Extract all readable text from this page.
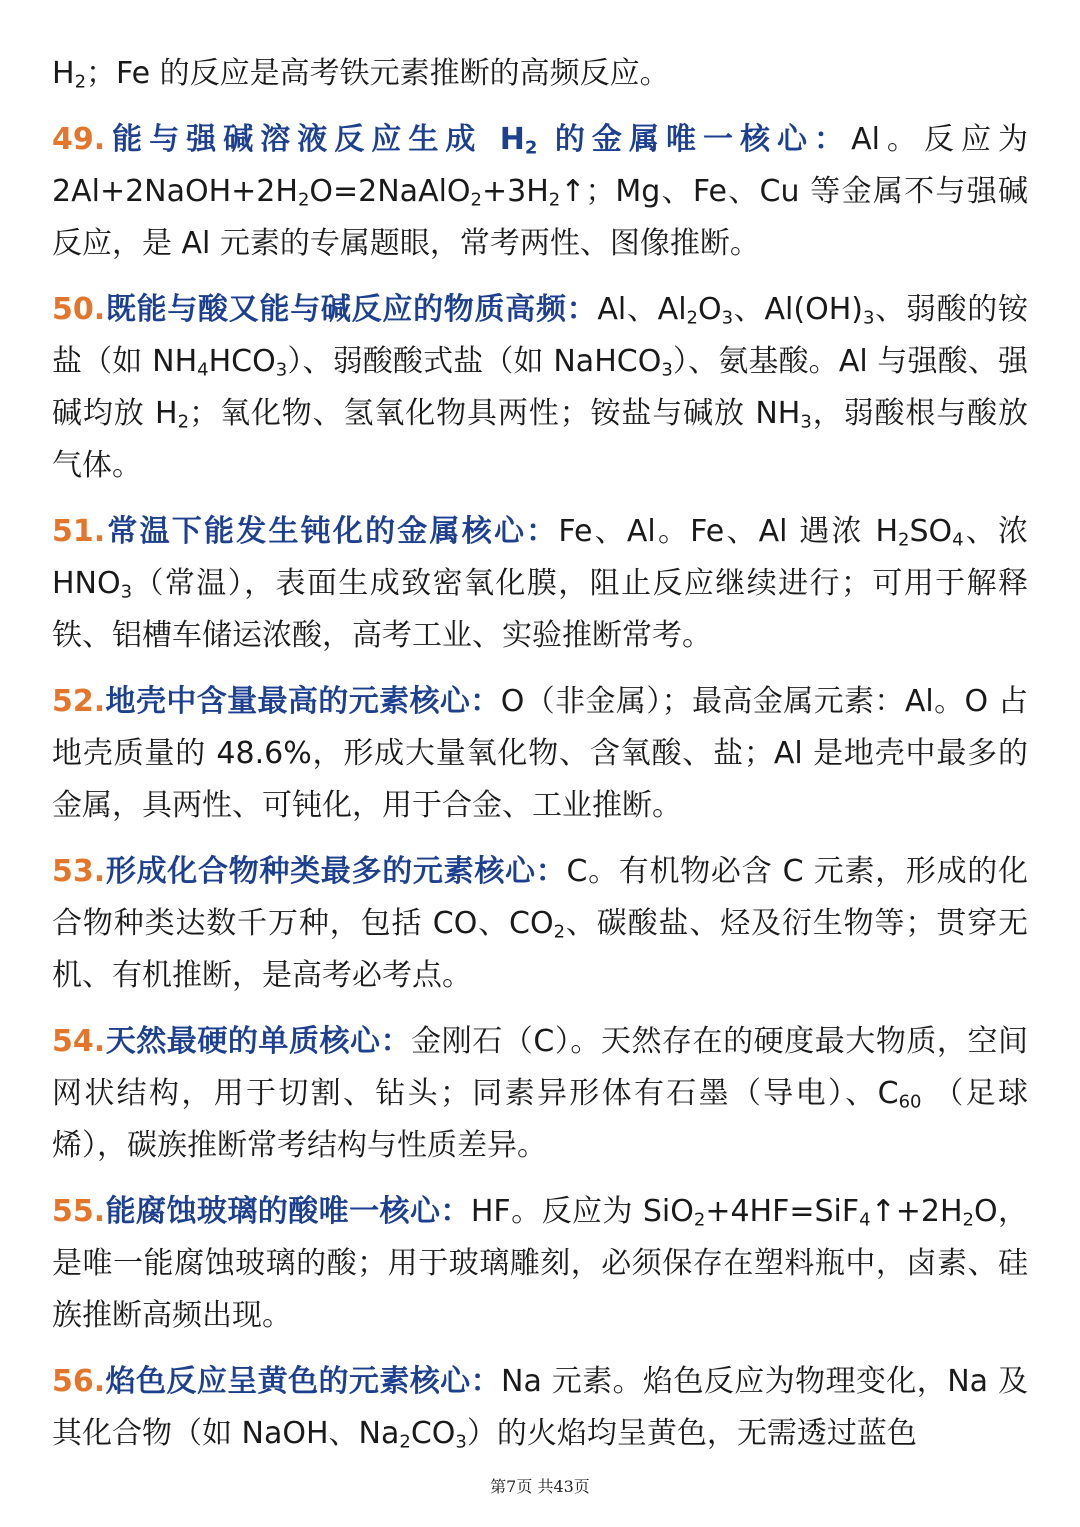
$H_2$；Fe 的反应是高考铁元素推断的高频反应。

49.能与强碱溶液反应生成 $H_2$ 的金属唯一核心：Al。反应为 $2Al+2NaOH+2H_2O=2NaAlO_2+3H_2↑$；Mg、Fe、Cu 等金属不与强碱反应，是 Al 元素的专属题眼，常考两性、图像推断。

50.既能与酸又能与碱反应的物质高频：Al、$Al_2O_3$、$Al(OH)_3$、弱酸的铵盐（如 $NH_4HCO_3$）、弱酸酸式盐（如 NaHCO$_3$）、氨基酸。Al 与强酸、强碱均放 $H_2$；氧化物、氢氧化物具两性；铵盐与碱放 $NH_3$，弱酸根与酸放气体。

51.常温下能发生钝化的金属核心：Fe、Al。Fe、Al 遇浓 $H_2SO_4$、浓 $HNO_3$（常温），表面生成致密氧化膜，阻止反应继续进行；可用于解释铁、铝槽车储运浓酸，高考工业、实验推断常考。

52.地壳中含量最高的元素核心：O（非金属）；最高金属元素：Al。O 占地壳质量的 48.6%，形成大量氧化物、含氧酸、盐；Al 是地壳中最多的金属，具两性、可钝化，用于合金、工业推断。

53.形成化合物种类最多的元素核心：C。有机物必含 C 元素，形成的化合物种类达数千万种，包括 CO、$CO_2$、碳酸盐、烃及衍生物等；贯穿无机、有机推断，是高考必考点。

54.天然最硬的单质核心：金刚石（C）。天然存在的硬度最大物质，空间网状结构，用于切割、钻头；同素异形体有石墨（导电）、$C_{60}$ （足球烯），碳族推断常考结构与性质差异。

55.能腐蚀玻璃的酸唯一核心：HF。反应为 $SiO_2+4HF=SiF_4↑+2H_2O$，是唯一能腐蚀玻璃的酸；用于玻璃雕刻，必须保存在塑料瓶中，卤素、硅族推断高频出现。

56.焰色反应呈黄色的元素核心：Na 元素。焰色反应为物理变化，Na 及其化合物（如 NaOH、$Na_2CO_3$）的火焰均呈黄色，无需透过蓝色

第7页 共43页
